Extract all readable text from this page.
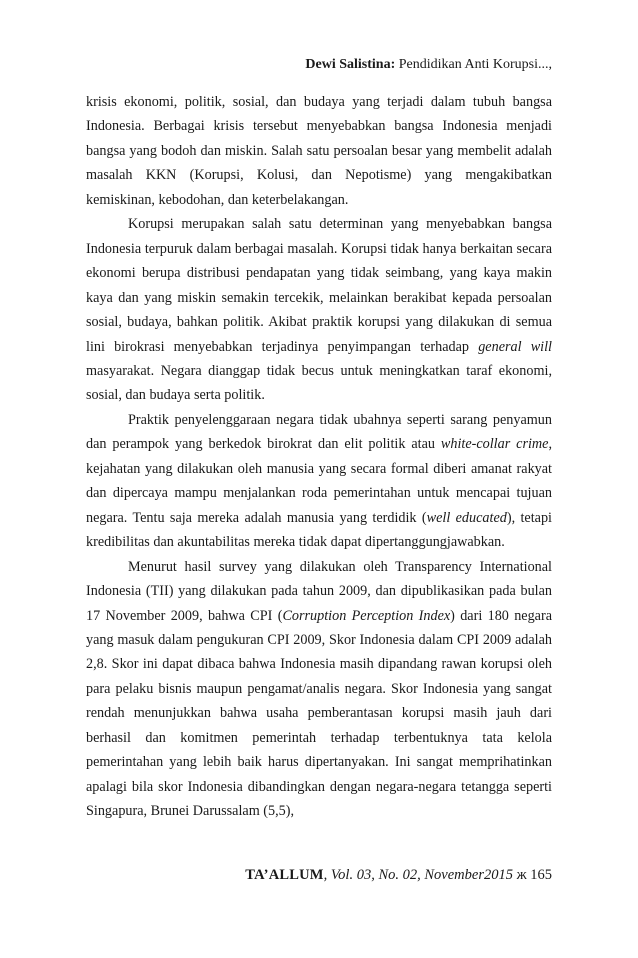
Dewi Salistina: Pendidikan Anti Korupsi...,

krisis ekonomi, politik, sosial, dan budaya yang terjadi dalam tubuh bangsa Indonesia. Berbagai krisis tersebut menyebabkan bangsa Indonesia menjadi bangsa yang bodoh dan miskin. Salah satu persoalan besar yang membelit adalah masalah KKN (Korupsi, Kolusi, dan Nepotisme) yang mengakibatkan kemiskinan, kebodohan, dan keterbelakangan.

Korupsi merupakan salah satu determinan yang menyebabkan bangsa Indonesia terpuruk dalam berbagai masalah. Korupsi tidak hanya berkaitan secara ekonomi berupa distribusi pendapatan yang tidak seimbang, yang kaya makin kaya dan yang miskin semakin tercekik, melainkan berakibat kepada persoalan sosial, budaya, bahkan politik. Akibat praktik korupsi yang dilakukan di semua lini birokrasi menyebabkan terjadinya penyimpangan terhadap general will masyarakat. Negara dianggap tidak becus untuk meningkatkan taraf ekonomi, sosial, dan budaya serta politik.

Praktik penyelenggaraan negara tidak ubahnya seperti sarang penyamun dan perampok yang berkedok birokrat dan elit politik atau white-collar crime, kejahatan yang dilakukan oleh manusia yang secara formal diberi amanat rakyat dan dipercaya mampu menjalankan roda pemerintahan untuk mencapai tujuan negara. Tentu saja mereka adalah manusia yang terdidik (well educated), tetapi kredibilitas dan akuntabilitas mereka tidak dapat dipertanggungjawabkan.

Menurut hasil survey yang dilakukan oleh Transparency International Indonesia (TII) yang dilakukan pada tahun 2009, dan dipublikasikan pada bulan 17 November 2009, bahwa CPI (Corruption Perception Index) dari 180 negara yang masuk dalam pengukuran CPI 2009, Skor Indonesia dalam CPI 2009 adalah 2,8. Skor ini dapat dibaca bahwa Indonesia masih dipandang rawan korupsi oleh para pelaku bisnis maupun pengamat/analis negara. Skor Indonesia yang sangat rendah menunjukkan bahwa usaha pemberantasan korupsi masih jauh dari berhasil dan komitmen pemerintah terhadap terbentuknya tata kelola pemerintahan yang lebih baik harus dipertanyakan. Ini sangat memprihatinkan apalagi bila skor Indonesia dibandingkan dengan negara-negara tetangga seperti Singapura, Brunei Darussalam (5,5),

TA’ALLUM, Vol. 03, No. 02, November2015 ж 165
